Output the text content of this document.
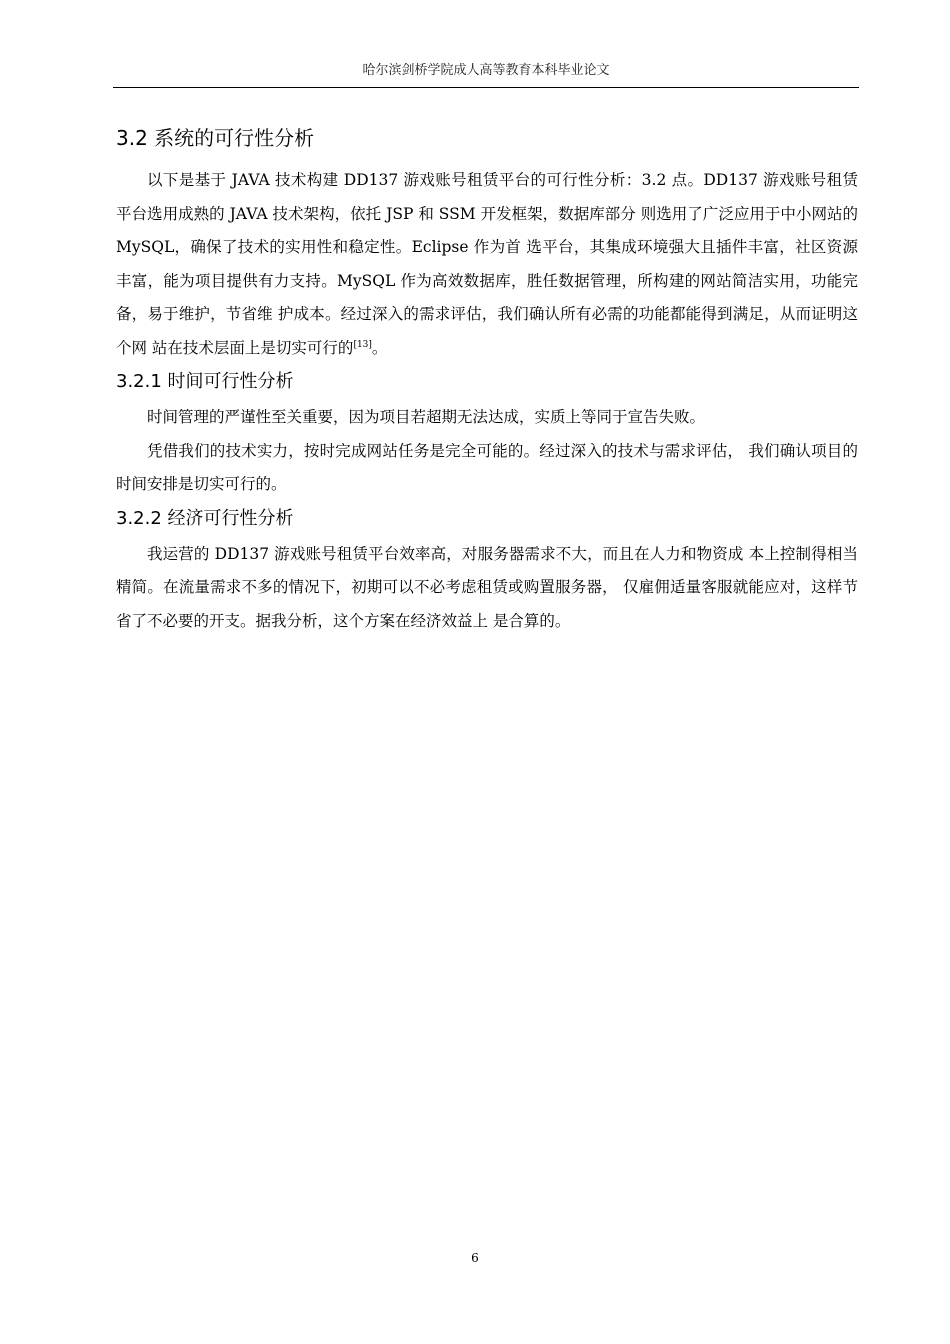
哈尔滨剑桥学院成人高等教育本科毕业论文
3.2 系统的可行性分析

以下是基于 JAVA 技术构建 DD137 游戏账号租赁平台的可行性分析：3.2 点。DD137 游戏账号租赁平台选用成熟的 JAVA 技术架构，依托 JSP 和 SSM 开发框架，数据库部分 则选用了广泛应用于中小网站的 MySQL，确保了技术的实用性和稳定性。Eclipse 作为首 选平台，其集成环境强大且插件丰富，社区资源丰富，能为项目提供有力支持。MySQL 作为高效数据库，胜任数据管理，所构建的网站简洁实用，功能完备，易于维护，节省维 护成本。经过深入的需求评估，我们确认所有必需的功能都能得到满足，从而证明这个网 站在技术层面上是切实可行的[13]。

3.2.1 时间可行性分析

时间管理的严谨性至关重要，因为项目若超期无法达成，实质上等同于宣告失败。

凭借我们的技术实力，按时完成网站任务是完全可能的。经过深入的技术与需求评估， 我们确认项目的时间安排是切实可行的。

3.2.2 经济可行性分析

我运营的 DD137 游戏账号租赁平台效率高，对服务器需求不大，而且在人力和物资成 本上控制得相当精简。在流量需求不多的情况下，初期可以不必考虑租赁或购置服务器， 仅雇佣适量客服就能应对，这样节省了不必要的开支。据我分析，这个方案在经济效益上 是合算的。

6
